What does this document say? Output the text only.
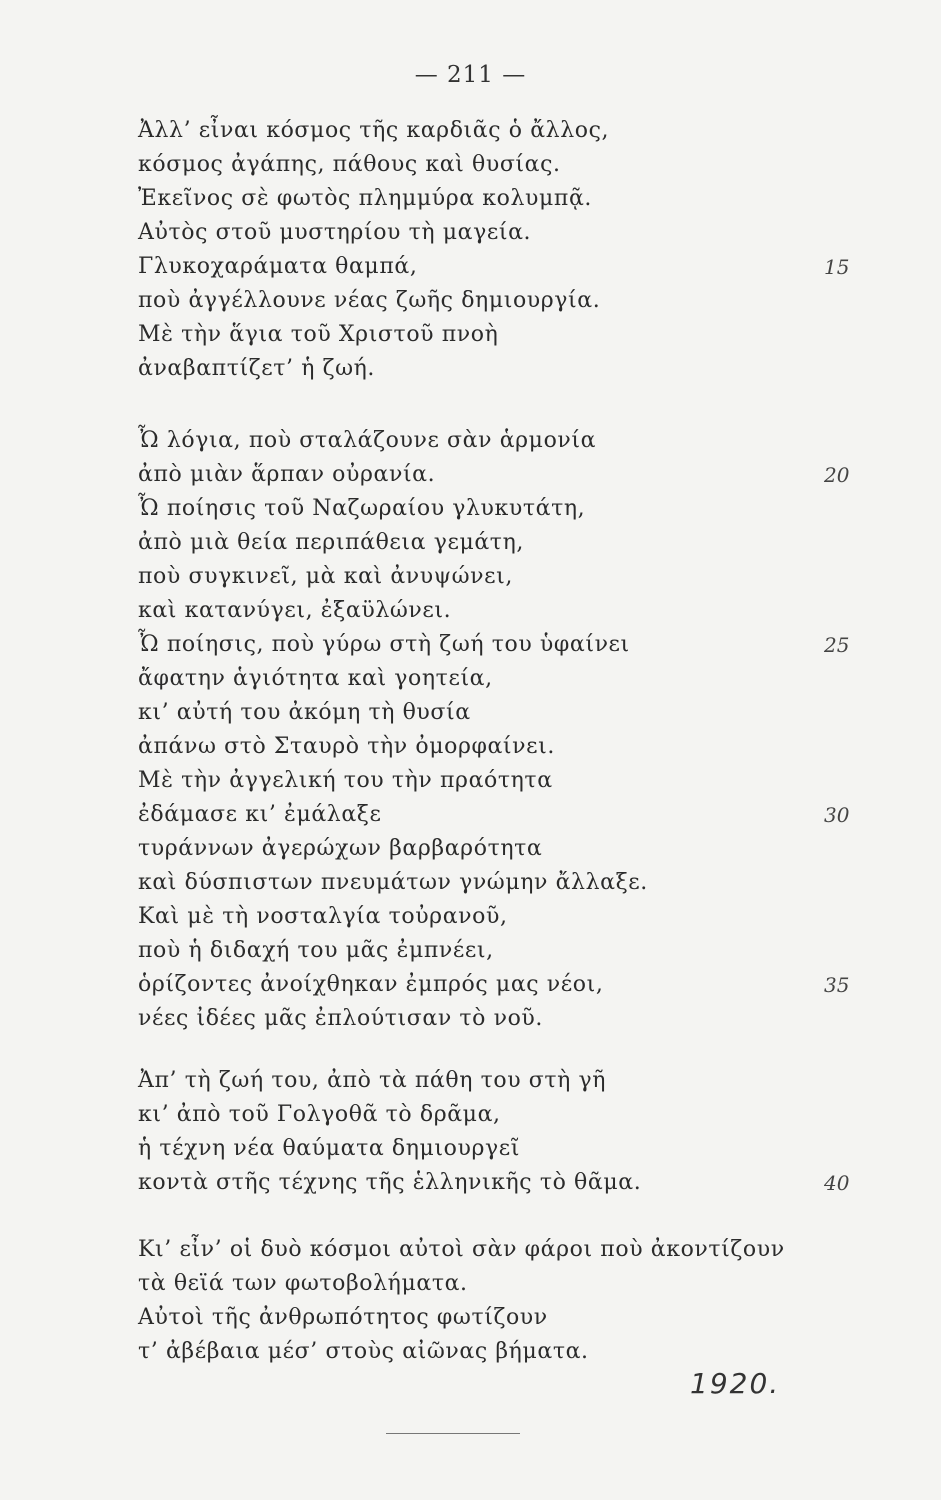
— 211 —
Ἀλλ’ εἶναι κόσμος τῆς καρδιᾶς ὁ ἄλλος,
κόσμος ἀγάπης, πάθους καὶ θυσίας.
Ἐκεῖνος σὲ φωτὸς πλημμύρα κολυμπᾷ.
Αὐτὸς στοῦ μυστηρίου τὴ μαγεία.
Γλυκοχαράματα θαμπά,
ποὺ ἀγγέλλουνε νέας ζωῆς δημιουργία.
Μὲ τὴν ἅγια τοῦ Χριστοῦ πνοὴ
ἀναβαπτίζετ’ ἡ ζωή.
Ὦ λόγια, ποὺ σταλάζουνε σὰν ἁρμονία
ἀπὸ μιὰν ἅρπαν οὐρανία.
Ὦ ποίησις τοῦ Ναζωραίου γλυκυτάτη,
ἀπὸ μιὰ θεία περιπάθεια γεμάτη,
ποὺ συγκινεῖ, μὰ καὶ ἀνυψώνει,
καὶ κατανύγει, ἐξαϋλώνει.
Ὦ ποίησις, ποὺ γύρω στὴ ζωή του ὑφαίνει
ἄφατην ἁγιότητα καὶ γοητεία,
κι’ αὐτή του ἀκόμη τὴ θυσία
ἀπάνω στὸ Σταυρὸ τὴν ὀμορφαίνει.
Μὲ τὴν ἀγγελική του τὴν πραότητα
ἐδάμασε κι’ ἐμάλαξε
τυράννων ἀγερώχων βαρβαρότητα
καὶ δύσπιστων πνευμάτων γνώμην ἄλλαξε.
Καὶ μὲ τὴ νοσταλγία τοὐρανοῦ,
ποὺ ἡ διδαχή του μᾶς ἐμπνέει,
ὁρίζοντες ἀνοίχθηκαν ἐμπρός μας νέοι,
νέες ἰδέες μᾶς ἐπλούτισαν τὸ νοῦ.
Ἀπ’ τὴ ζωή του, ἀπὸ τὰ πάθη του στὴ γῆ
κι’ ἀπὸ τοῦ Γολγοθᾶ τὸ δρᾶμα,
ἡ τέχνη νέα θαύματα δημιουργεῖ
κοντὰ στῆς τέχνης τῆς ἑλληνικῆς τὸ θᾶμα.
Κι’ εἶν’ οἱ δυὸ κόσμοι αὐτοὶ σὰν φάροι ποὺ ἀκοντίζουν
τὰ θεϊά των φωτοβολήματα.
Αὐτοὶ τῆς ἀνθρωπότητος φωτίζουν
τ’ ἀβέβαια μέσ’ στοὺς αἰῶνας βήματα.
15
20
25
30
35
40
1920.
